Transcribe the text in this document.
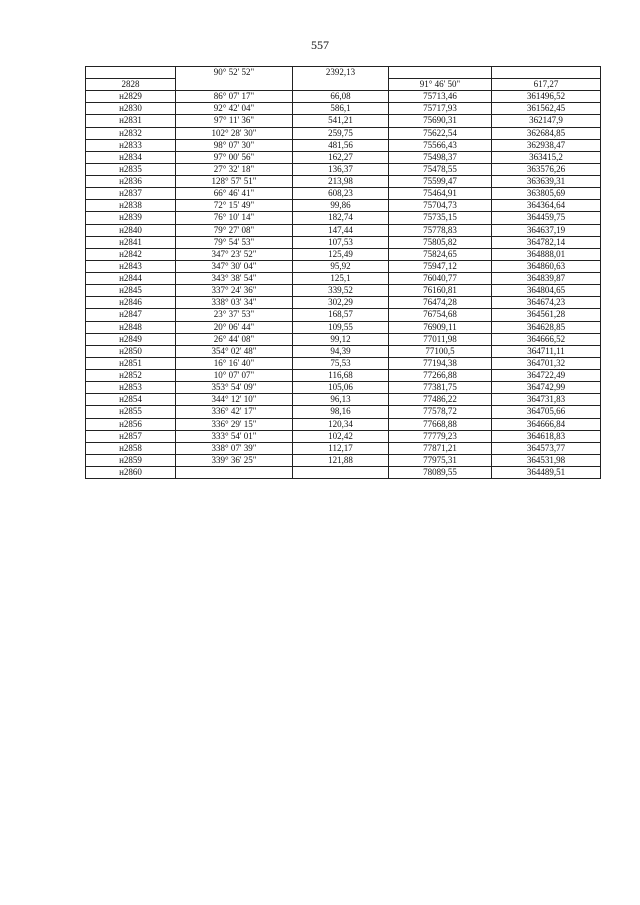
557
	90° 52' 52"	2392,13			
2828			91° 46' 50"	617,27		

н2829	86° 07' 17"	66,08	75713,46	361496,52	

н2830	92° 42' 04"	586,1	75717,93	361562,45	

н2831	97° 11' 36"	541,21	75690,31	362147,9	

н2832	102° 28' 30"	259,75	75622,54	362684,85	

н2833	98° 07' 30"	481,56	75566,43	362938,47	

н2834	97° 00' 56"	162,27	75498,37	363415,2	

н2835	27° 32' 18"	136,37	75478,55	363576,26	

н2836	128° 57' 51"	213,98	75599,47	363639,31	

н2837	66° 46' 41"	608,23	75464,91	363805,69	

н2838	72° 15' 49"	99,86	75704,73	364364,64	

н2839	76° 10' 14"	182,74	75735,15	364459,75	

н2840	79° 27' 08"	147,44	75778,83	364637,19	

н2841	79° 54' 53"	107,53	75805,82	364782,14	

н2842	347° 23' 52"	125,49	75824,65	364888,01	

н2843	347° 30' 04"	95,92	75947,12	364860,63	

н2844	343° 38' 54"	125,1	76040,77	364839,87	

н2845	337° 24' 36"	339,52	76160,81	364804,65	

н2846	338° 03' 34"	302,29	76474,28	364674,23	

н2847	23° 37' 53"	168,57	76754,68	364561,28	

н2848	20° 06' 44"	109,55	76909,11	364628,85	

н2849	26° 44' 08"	99,12	77011,98	364666,52	

н2850	354° 02' 48"	94,39	77100,5	364711,11	

н2851	16° 16' 40"	75,53	77194,38	364701,32	

н2852	10° 07' 07"	116,68	77266,88	364722,49	

н2853	353° 54' 09"	105,06	77381,75	364742,99	

н2854	344° 12' 10"	96,13	77486,22	364731,83	

н2855	336° 42' 17"	98,16	77578,72	364705,66	

н2856	336° 29' 15"	120,34	77668,88	364666,84	

н2857	333° 54' 01"	102,42	77779,23	364618,83	

н2858	338° 07' 39"	112,17	77871,21	364573,77	

н2859	339° 36' 25"	121,88	77975,31	364531,98	

н2860			78089,55	364489,51	
